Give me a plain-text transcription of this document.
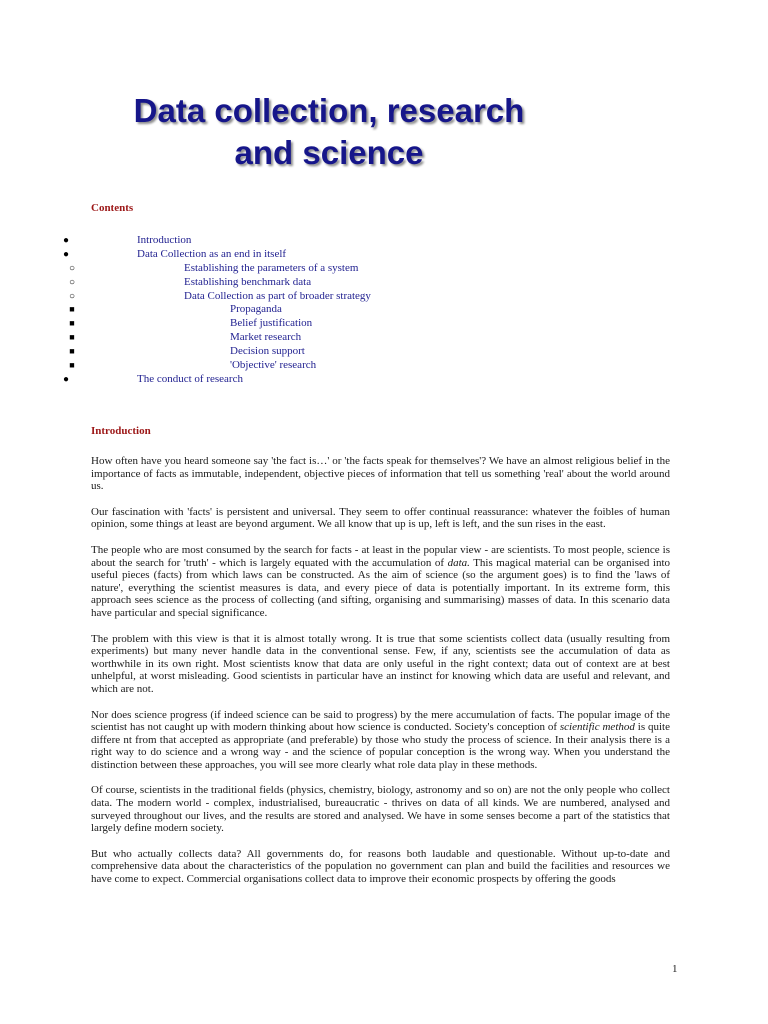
Data collection, research
and science
Contents
●	Introduction
●	Data Collection as an end in itself
○	Establishing the parameters of a system
○	Establishing benchmark data
○	Data Collection as part of broader strategy
■	Propaganda
■	Belief justification
■	Market research
■	Decision support
■	'Objective' research
●	The conduct of research
Introduction

How often have you heard someone say 'the fact is…' or 'the facts speak for themselves'? We have an almost religious belief in the importance of facts as immutable, independent, objective pieces of information that tell us something 'real' about the world around us.

Our fascination with 'facts' is persistent and universal. They seem to offer continual reassurance: whatever the foibles of human opinion, some things at least are beyond argument. We all know that up is up, left is left, and the sun rises in the east.

The people who are most consumed by the search for facts - at least in the popular view - are scientists. To most people, science is about the search for 'truth' - which is largely equated with the accumulation of data. This magical material can be organised into useful pieces (facts) from which laws can be constructed. As the aim of science (so the argument goes) is to find the 'laws of nature', everything the scientist measures is data, and every piece of data is potentially important. In its extreme form, this approach sees science as the process of collecting (and sifting, organising and summarising) masses of data. In this scenario data have particular and special significance.

The problem with this view is that it is almost totally wrong. It is true that some scientists collect data (usually resulting from experiments) but many never handle data in the conventional sense. Few, if any, scientists see the accumulation of data as worthwhile in its own right. Most scientists know that data are only useful in the right context; data out of context are at best unhelpful, at worst misleading. Good scientists in particular have an instinct for knowing which data are useful and relevant, and which are not.

Nor does science progress (if indeed science can be said to progress) by the mere accumulation of facts. The popular image of the scientist has not caught up with modern thinking about how science is conducted. Society's conception of scientific method is quite differe nt from that accepted as appropriate (and preferable) by those who study the process of science. In their analysis there is a right way to do science and a wrong way - and the science of popular conception is the wrong way. When you understand the distinction between these approaches, you will see more clearly what role data play in these methods.

Of course, scientists in the traditional fields (physics, chemistry, biology, astronomy and so on) are not the only people who collect data. The modern world - complex, industrialised, bureaucratic - thrives on data of all kinds. We are numbered, analysed and surveyed throughout our lives, and the results are stored and analysed. We have in some senses become a part of the statistics that largely define modern society.

But who actually collects data? All governments do, for reasons both laudable and questionable. Without up-to-date and comprehensive data about the characteristics of the population no government can plan and build the facilities and resources we have come to expect. Commercial organisations collect data to improve their economic prospects by offering the goods

1
